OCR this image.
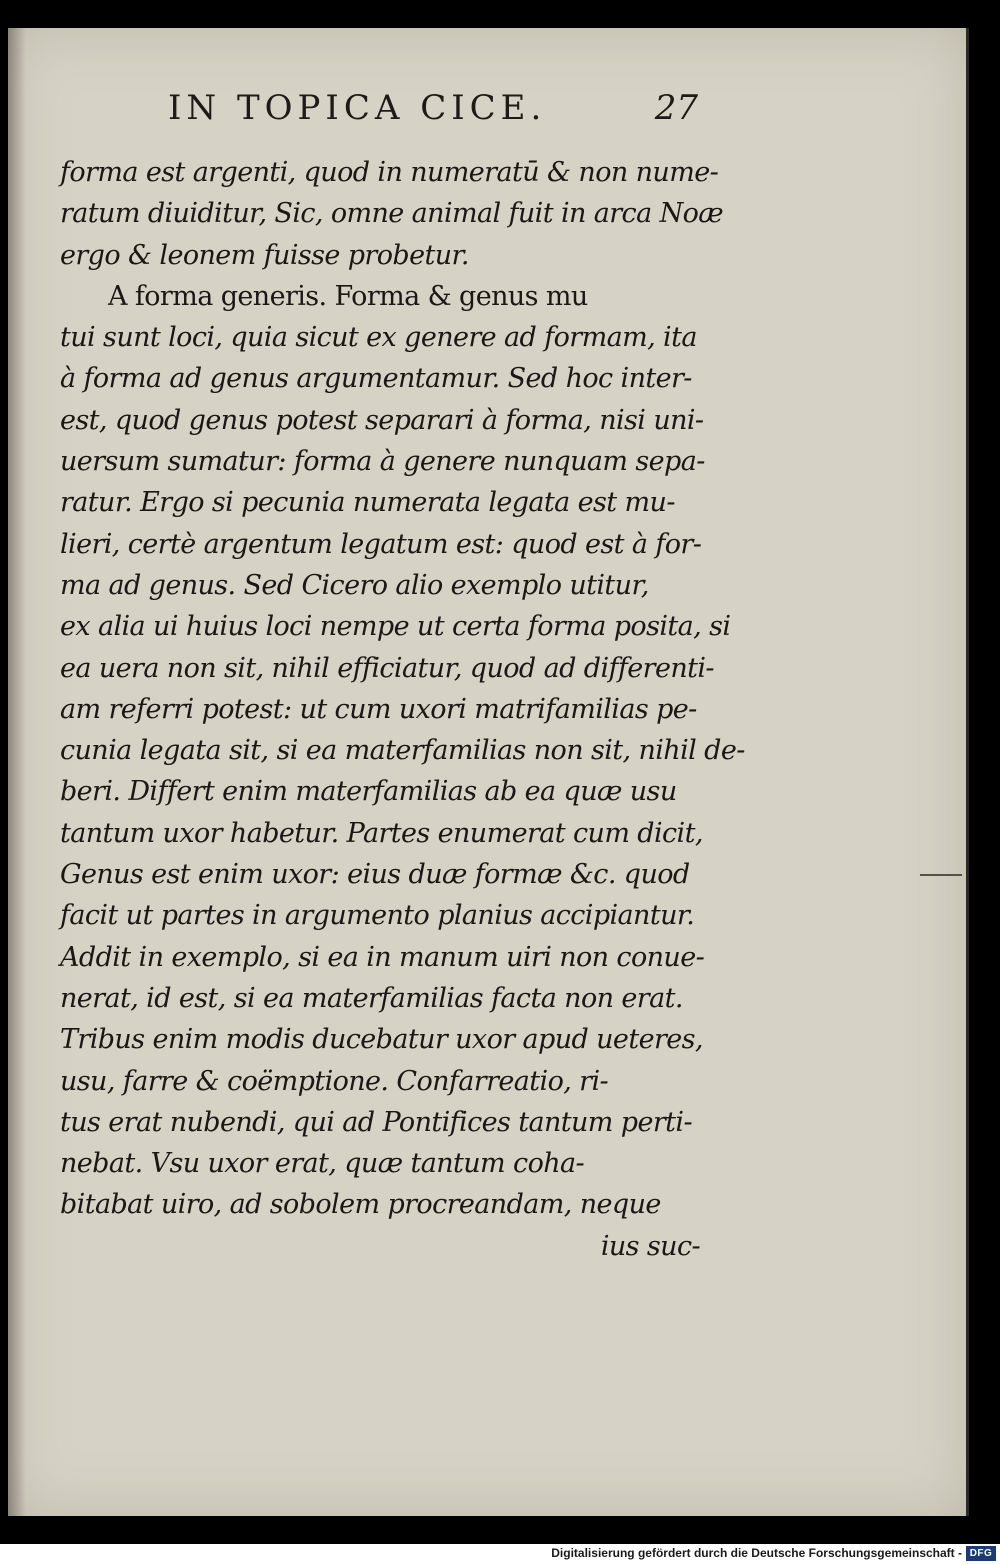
IN TOPICA CICE.	27
forma est argenti, quod in numeratū & non nume-
ratum diuiditur, Sic, omne animal fuit in arca Noæ
ergo & leonem fuisse probetur.
A forma generis. Forma & genus mu
tui sunt loci, quia sicut ex genere ad formam, ita
à forma ad genus argumentamur. Sed hoc inter-
est, quod genus potest separari à forma, nisi uni-
uersum sumatur: forma à genere nunquam sepa-
ratur. Ergo si pecunia numerata legata est mu-
lieri, certè argentum legatum est: quod est à for-
ma ad genus. Sed Cicero alio exemplo utitur,
ex alia ui huius loci nempe ut certa forma posita, si
ea uera non sit, nihil efficiatur, quod ad differenti-
am referri potest: ut cum uxori matrifamilias pe-
cunia legata sit, si ea materfamilias non sit, nihil de-
beri. Differt enim materfamilias ab ea quæ usu
tantum uxor habetur. Partes enumerat cum dicit,
Genus est enim uxor: eius duæ formæ &c. quod
facit ut partes in argumento planius accipiantur.
Addit in exemplo, si ea in manum uiri non conue-
nerat, id est, si ea materfamilias facta non erat.
Tribus enim modis ducebatur uxor apud ueteres,
usu, farre & coëmptione. Confarreatio, ri-
tus erat nubendi, qui ad Pontifices tantum perti-
nebat. Vsu uxor erat, quæ tantum coha-
bitabat uiro, ad sobolem procreandam, neque
ius suc-
Digitalisierung gefördert durch die Deutsche Forschungsgemeinschaft - DFG
